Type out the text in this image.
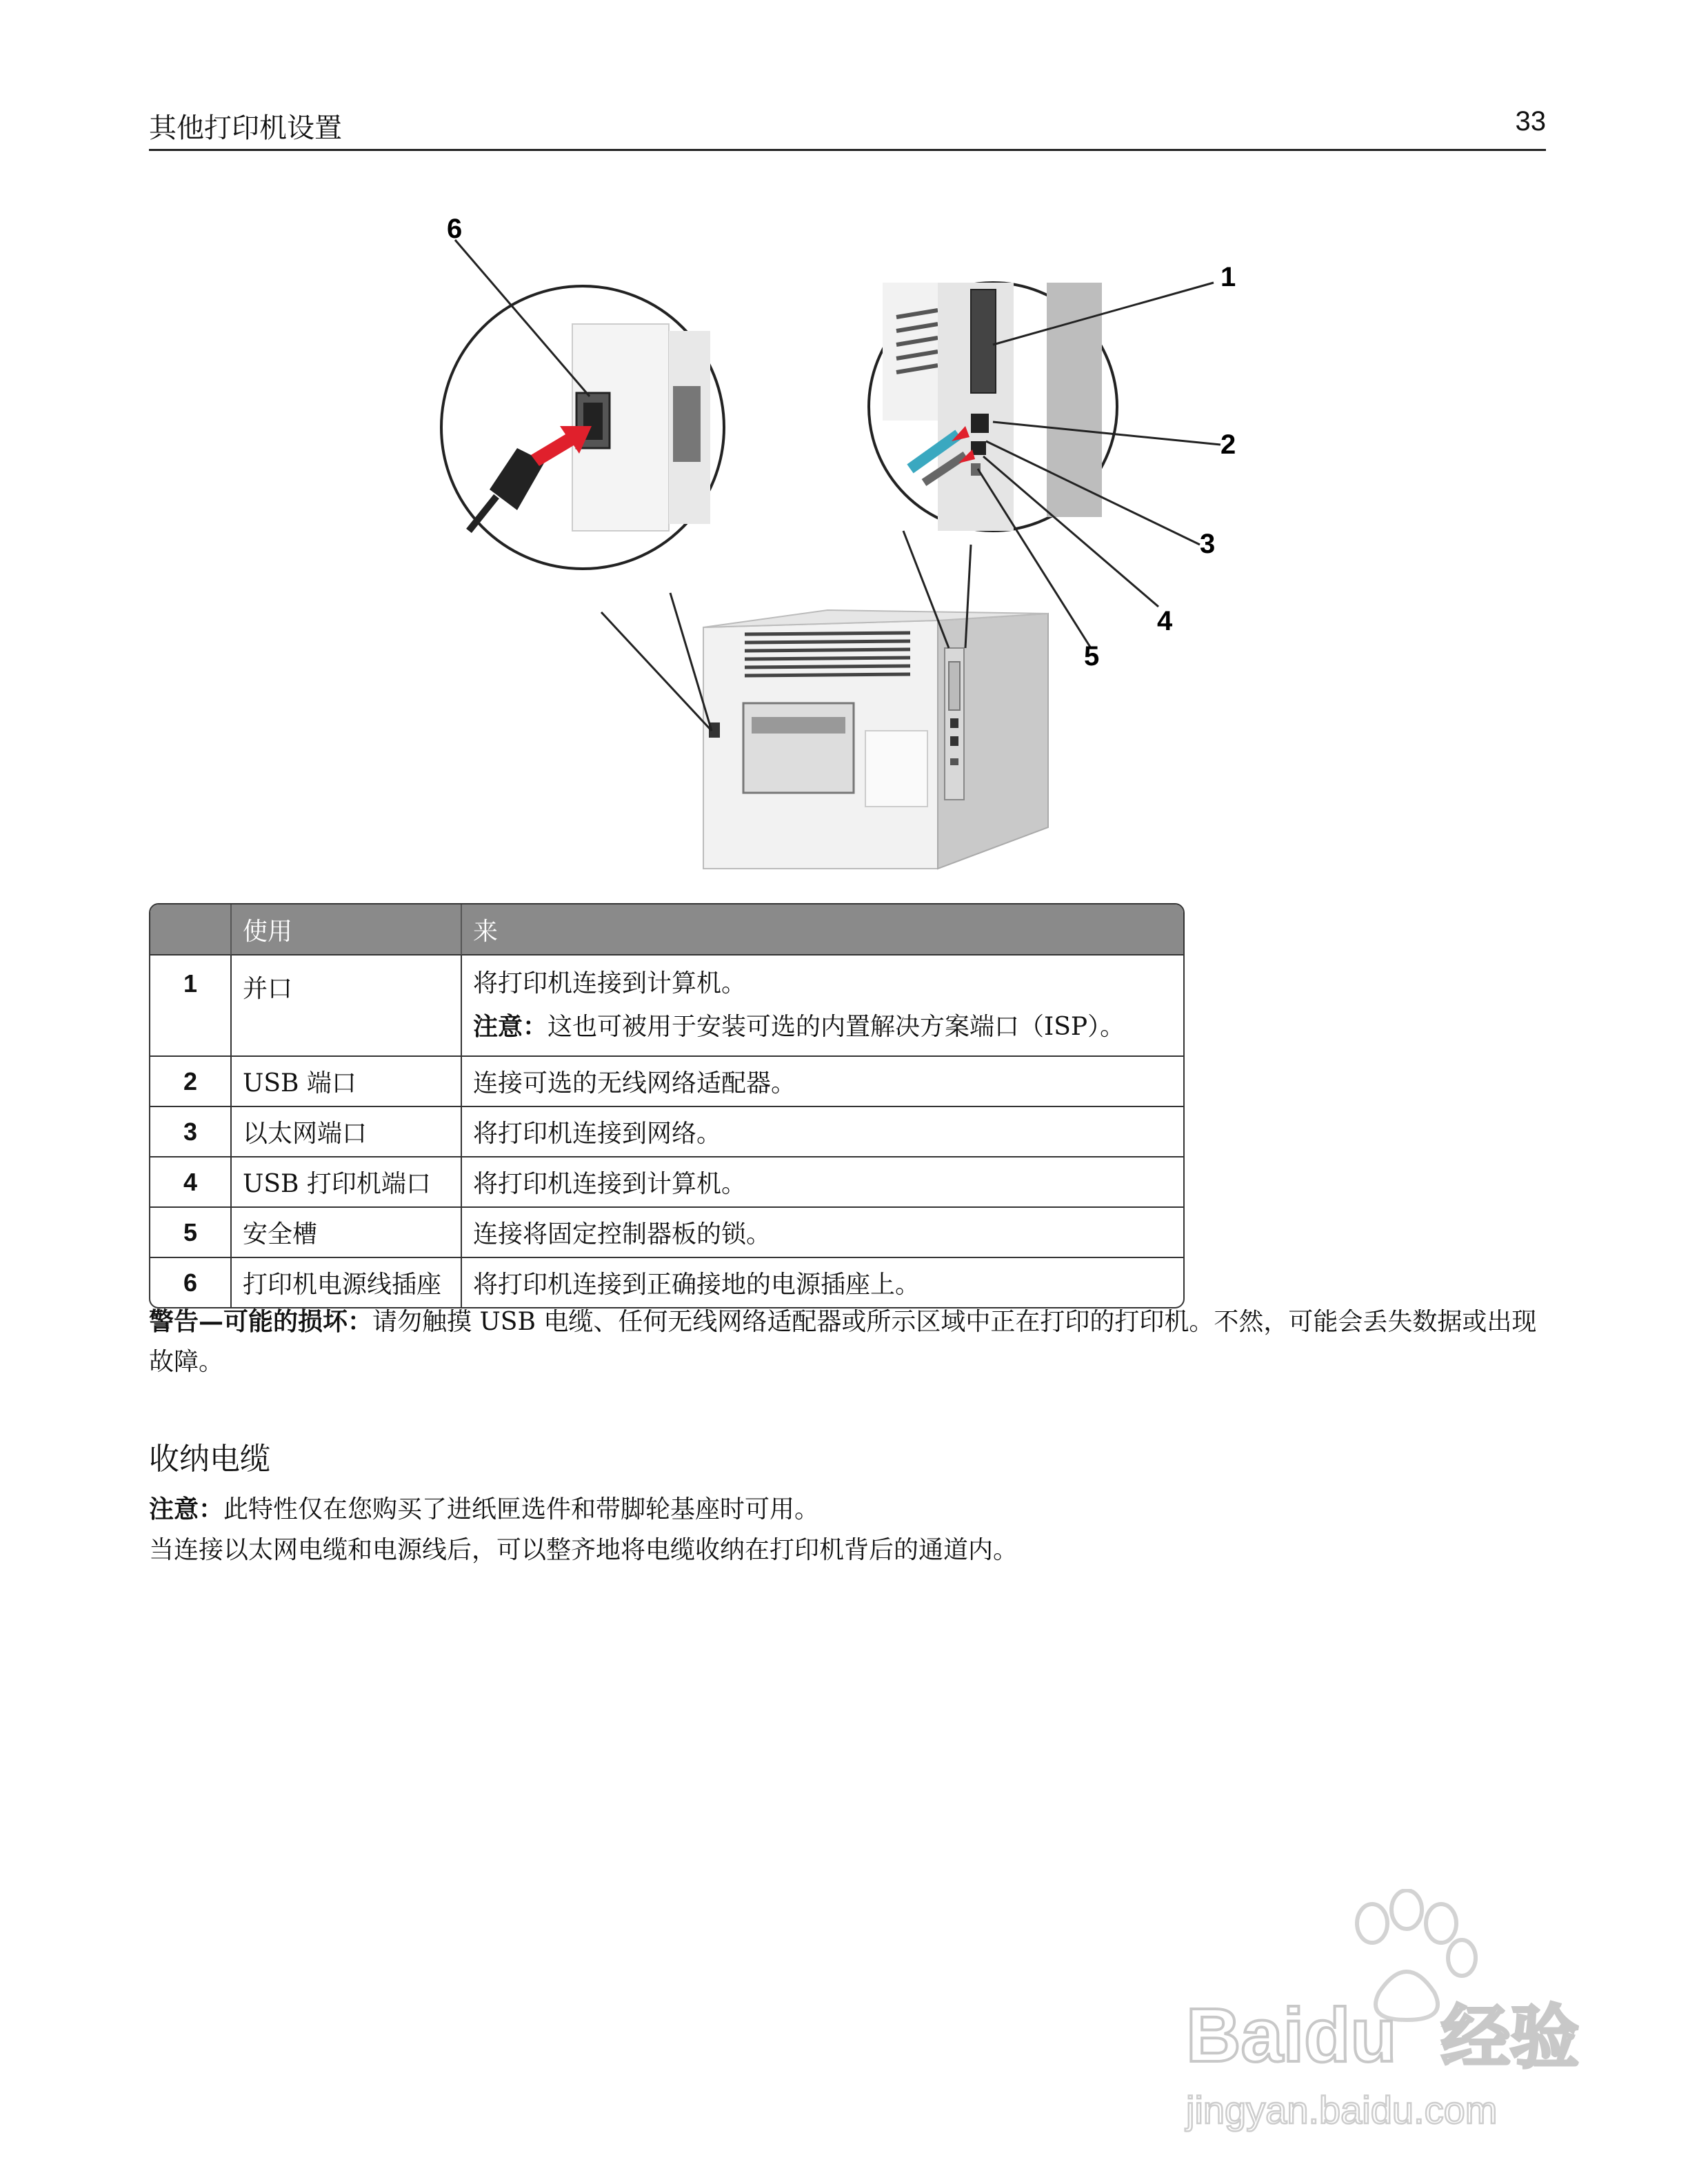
其他打印机设置	33
1
2
3
4
5
6
	使用	来
1	并口	将打印机连接到计算机。
注意：这也可被用于安装可选的内置解决方案端口（ISP）。

2	USB 端口	连接可选的无线网络适配器。
3	以太网端口	将打印机连接到网络。
4	USB 打印机端口	将打印机连接到计算机。
5	安全槽	连接将固定控制器板的锁。
6	打印机电源线插座	将打印机连接到正确接地的电源插座上。

警告—可能的损坏：请勿触摸 USB 电缆、任何无线网络适配器或所示区域中正在打印的打印机。不然，可能会丢失数据或出现故障。

收纳电缆

注意：此特性仅在您购买了进纸匣选件和带脚轮基座时可用。

当连接以太网电缆和电源线后，可以整齐地将电缆收纳在打印机背后的通道内。

Baidu 经验
jingyan.baidu.com
